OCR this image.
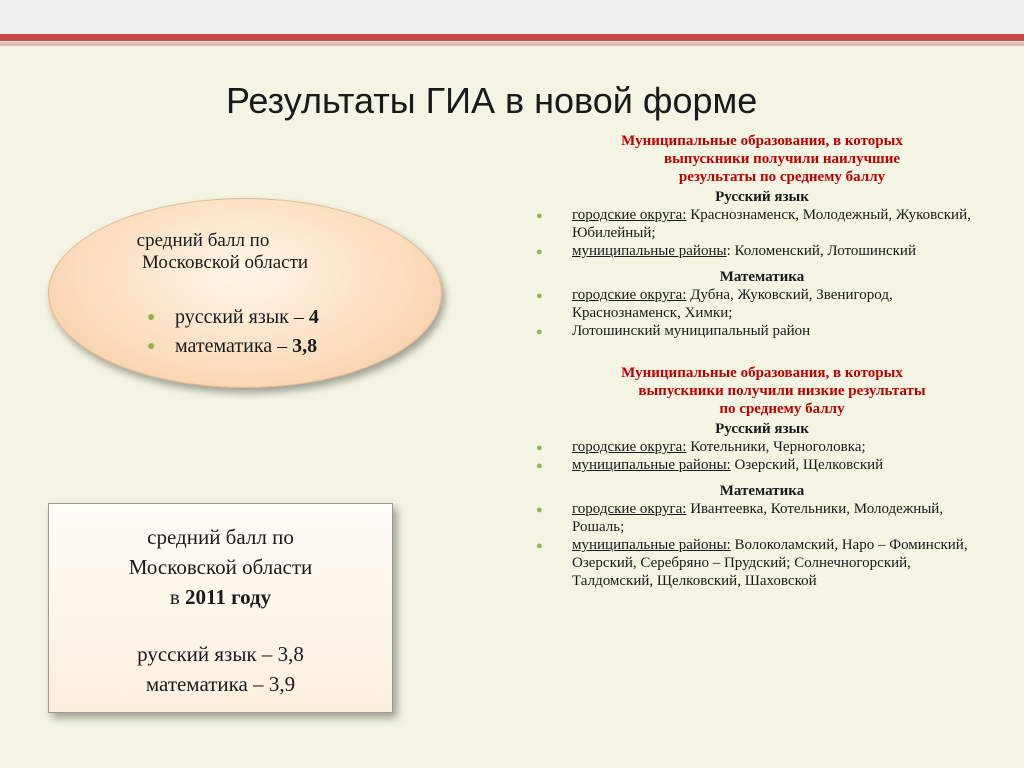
Результаты ГИА в новой форме
средний балл по
Московской области
● русский язык – 4
● математика – 3,8
средний балл по
Московской области
в 2011 году
русский язык – 3,8
математика – 3,9
Муниципальные образования, в которых
выпускники получили наилучшие
результаты по среднему баллу
Русский язык
● городские округа: Краснознаменск, Молодежный, Жуковский, Юбилейный;
● муниципальные районы: Коломенский, Лотошинский
Математика
● городские округа: Дубна, Жуковский, Звенигород, Краснознаменск, Химки;
● Лотошинский муниципальный район
Муниципальные образования, в которых
выпускники получили низкие результаты
по среднему баллу
Русский язык
● городские округа: Котельники, Черноголовка;
● муниципальные районы: Озерский, Щелковский
Математика
● городские округа: Ивантеевка, Котельники, Молодежный, Рошаль;
● муниципальные районы: Волоколамский, Наро – Фоминский, Озерский, Серебряно – Прудский; Солнечногорский, Талдомский, Щелковский, Шаховской
